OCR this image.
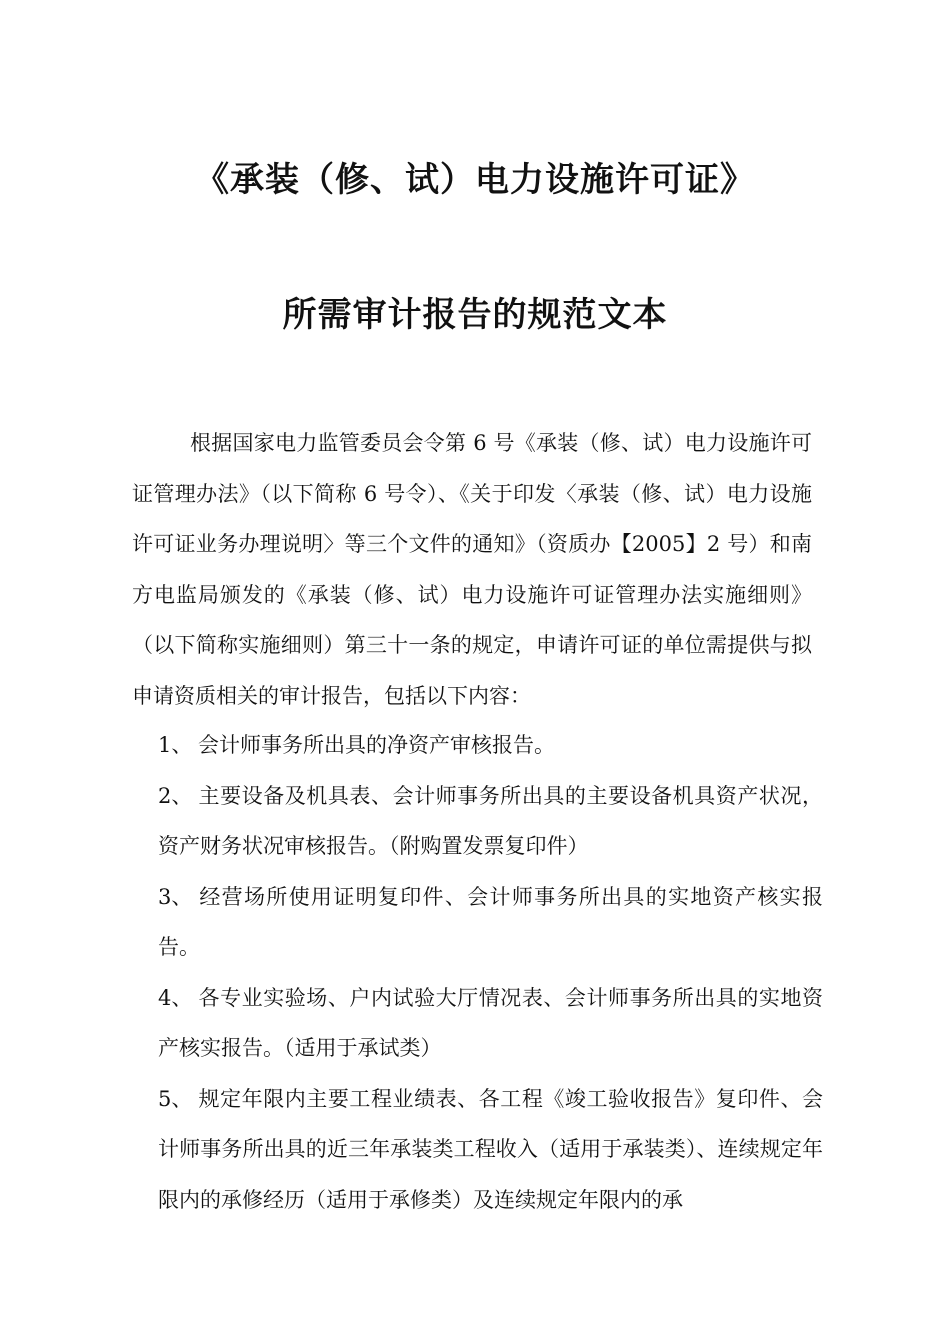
《承装（修、试）电力设施许可证》
所需审计报告的规范文本

根据国家电力监管委员会令第 6 号《承装（修、试）电力设施许可证管理办法》（以下简称 6 号令）、《关于印发〈承装（修、试）电力设施许可证业务办理说明〉等三个文件的通知》（资质办【2005】2 号）和南方电监局颁发的《承装（修、试）电力设施许可证管理办法实施细则》（以下简称实施细则）第三十一条的规定，申请许可证的单位需提供与拟申请资质相关的审计报告，包括以下内容：

1、 会计师事务所出具的净资产审核报告。
2、 主要设备及机具表、会计师事务所出具的主要设备机具资产状况，资产财务状况审核报告。（附购置发票复印件）
3、 经营场所使用证明复印件、会计师事务所出具的实地资产核实报告。
4、 各专业实验场、户内试验大厅情况表、会计师事务所出具的实地资产核实报告。（适用于承试类）
5、 规定年限内主要工程业绩表、各工程《竣工验收报告》复印件、会计师事务所出具的近三年承装类工程收入（适用于承装类）、连续规定年限内的承修经历（适用于承修类）及连续规定年限内的承
